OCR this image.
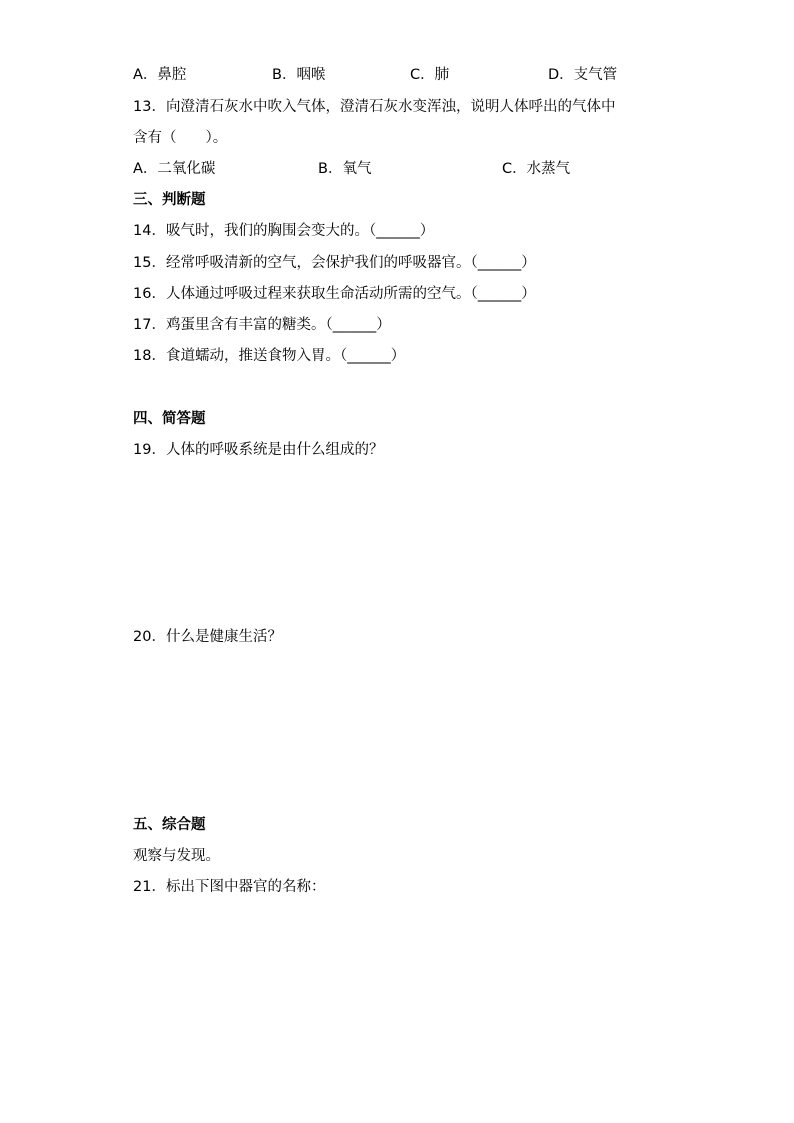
A．鼻腔	B．咽喉	C．肺	D．支气管
13．向澄清石灰水中吹入气体，澄清石灰水变浑浊，说明人体呼出的气体中
含有（　　）。
A．二氧化碳	B．氧气	C．水蒸气
三、判断题
14．吸气时，我们的胸围会变大的。（______）
15．经常呼吸清新的空气，会保护我们的呼吸器官。（______）
16．人体通过呼吸过程来获取生命活动所需的空气。（______）
17．鸡蛋里含有丰富的糖类。（______）
18．食道蠕动，推送食物入胃。（______）
四、简答题
19．人体的呼吸系统是由什么组成的？
20．什么是健康生活？
五、综合题
观察与发现。
21．标出下图中器官的名称：
